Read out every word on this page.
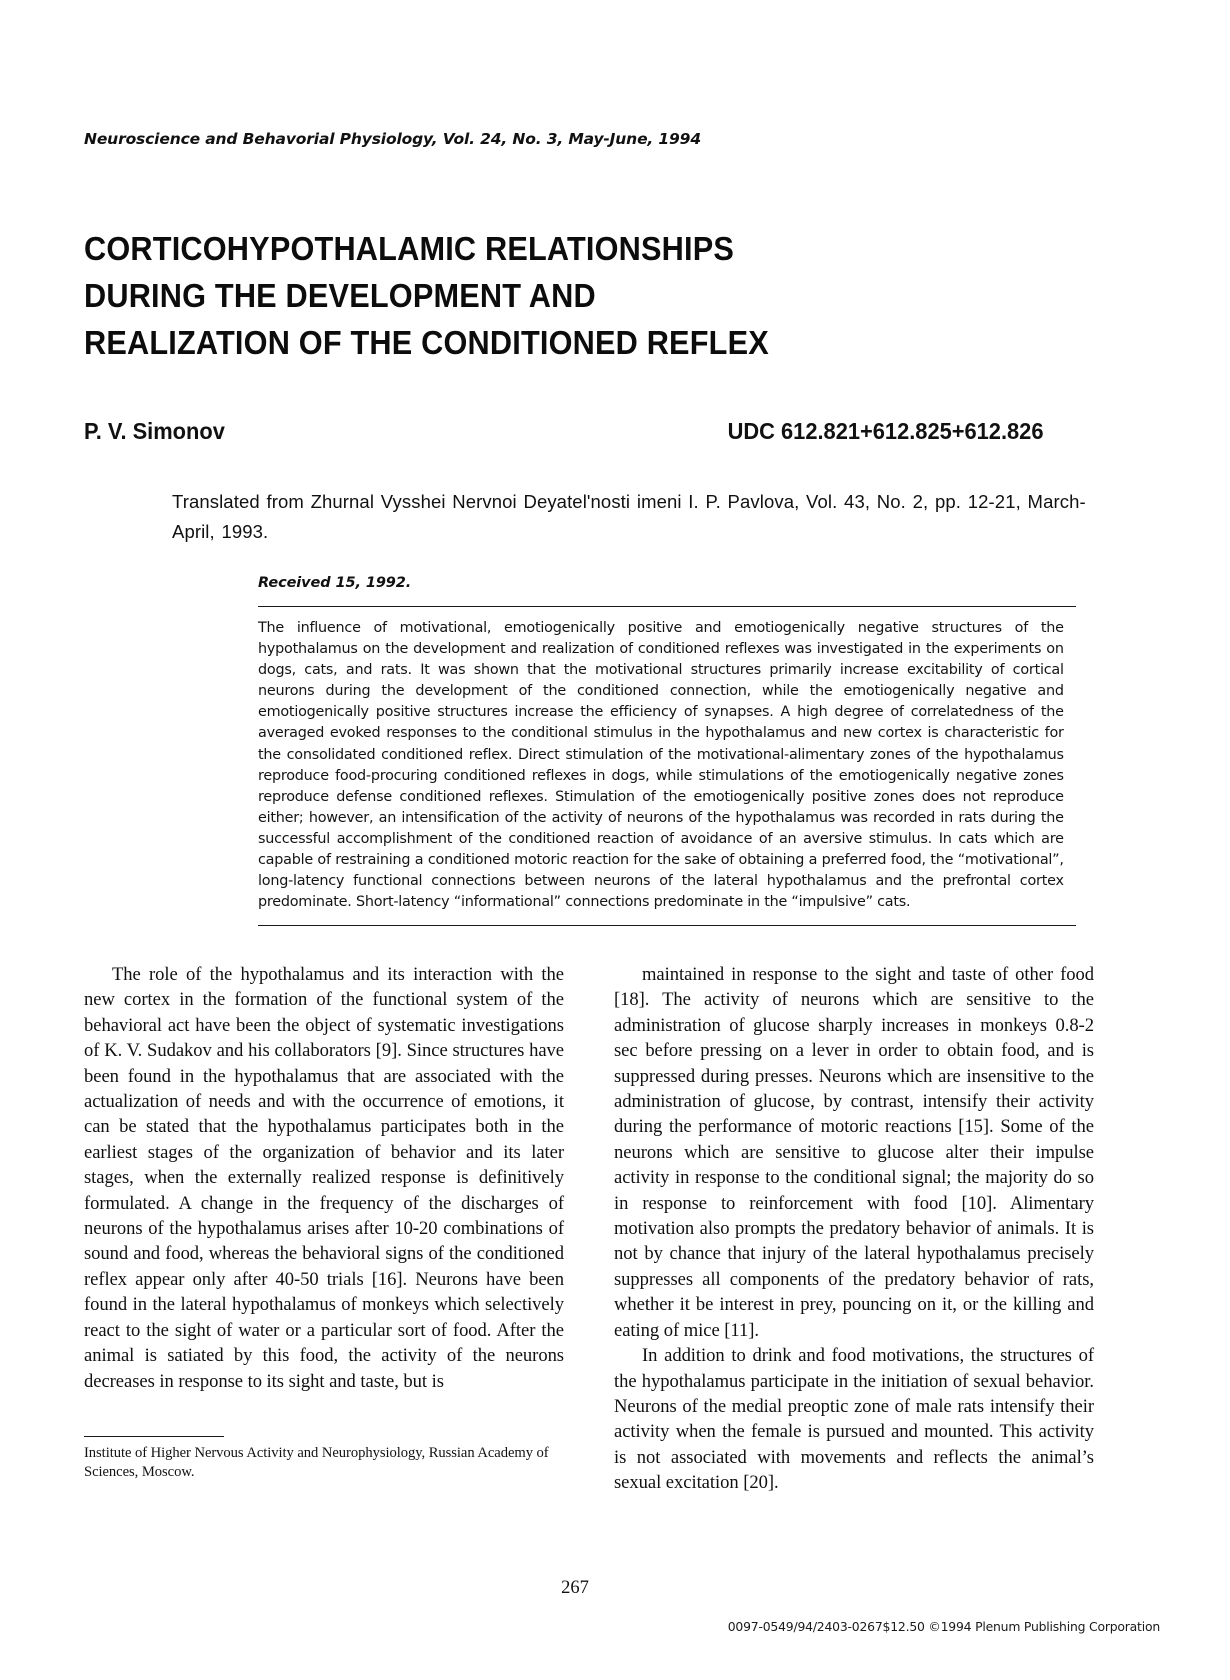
Neuroscience and Behavorial Physiology, Vol. 24, No. 3, May-June, 1994
CORTICOHYPOTHALAMIC RELATIONSHIPS
DURING THE DEVELOPMENT AND
REALIZATION OF THE CONDITIONED REFLEX
P. V. Simonov	UDC 612.821+612.825+612.826
Translated from Zhurnal Vysshei Nervnoi Deyatel'nosti imeni I. P. Pavlova, Vol. 43, No. 2, pp. 12-21, March-April, 1993.
Received 15, 1992.
The influence of motivational, emotiogenically positive and emotiogenically negative structures of the hypothalamus on the development and realization of conditioned reflexes was investigated in the experiments on dogs, cats, and rats. It was shown that the motivational structures primarily increase excitability of cortical neurons during the development of the conditioned connection, while the emotiogenically negative and emotiogenically positive structures increase the efficiency of synapses. A high degree of correlatedness of the averaged evoked responses to the conditional stimulus in the hypothalamus and new cortex is characteristic for the consolidated conditioned reflex. Direct stimulation of the motivational-alimentary zones of the hypothalamus reproduce food-procuring conditioned reflexes in dogs, while stimulations of the emotiogenically negative zones reproduce defense conditioned reflexes. Stimulation of the emotiogenically positive zones does not reproduce either; however, an intensification of the activity of neurons of the hypothalamus was recorded in rats during the successful accomplishment of the conditioned reaction of avoidance of an aversive stimulus. In cats which are capable of restraining a conditioned motoric reaction for the sake of obtaining a preferred food, the “motivational”, long-latency functional connections between neurons of the lateral hypothalamus and the prefrontal cortex predominate. Short-latency “informational” connections predominate in the “impulsive” cats.

The role of the hypothalamus and its interaction with the new cortex in the formation of the functional system of the behavioral act have been the object of systematic investigations of K. V. Sudakov and his collaborators [9]. Since structures have been found in the hypothalamus that are associated with the actualization of needs and with the occurrence of emotions, it can be stated that the hypothalamus participates both in the earliest stages of the organization of behavior and its later stages, when the externally realized response is definitively formulated. A change in the frequency of the discharges of neurons of the hypothalamus arises after 10-20 combinations of sound and food, whereas the behavioral signs of the conditioned reflex appear only after 40-50 trials [16]. Neurons have been found in the lateral hypothalamus of monkeys which selectively react to the sight of water or a particular sort of food. After the animal is satiated by this food, the activity of the neurons decreases in response to its sight and taste, but is

maintained in response to the sight and taste of other food [18]. The activity of neurons which are sensitive to the administration of glucose sharply increases in monkeys 0.8-2 sec before pressing on a lever in order to obtain food, and is suppressed during presses. Neurons which are insensitive to the administration of glucose, by contrast, intensify their activity during the performance of motoric reactions [15]. Some of the neurons which are sensitive to glucose alter their impulse activity in response to the conditional signal; the majority do so in response to reinforcement with food [10]. Alimentary motivation also prompts the predatory behavior of animals. It is not by chance that injury of the lateral hypothalamus precisely suppresses all components of the predatory behavior of rats, whether it be interest in prey, pouncing on it, or the killing and eating of mice [11].

In addition to drink and food motivations, the structures of the hypothalamus participate in the initiation of sexual behavior. Neurons of the medial preoptic zone of male rats intensify their activity when the female is pursued and mounted. This activity is not associated with movements and reflects the animal’s sexual excitation [20].

Institute of Higher Nervous Activity and Neurophysiology, Russian Academy of Sciences, Moscow.
267
0097-0549/94/2403-0267$12.50 ©1994 Plenum Publishing Corporation
